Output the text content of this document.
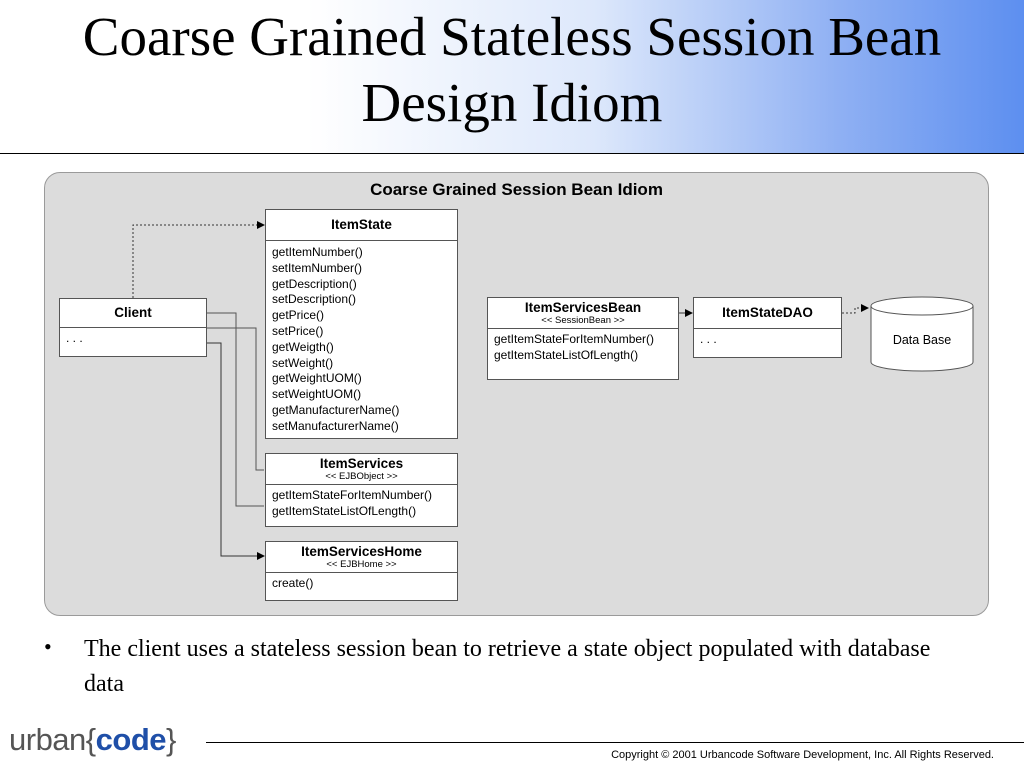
Coarse Grained Stateless Session Bean Design Idiom
Coarse Grained Session Bean Idiom
Client
. . .
ItemState
getItemNumber()
setItemNumber()
getDescription()
setDescription()
getPrice()
setPrice()
getWeigth()
setWeight()
getWeightUOM()
setWeightUOM()
getManufacturerName()
setManufacturerName()
ItemServices
<< EJBObject >>
getItemStateForItemNumber()
getItemStateListOfLength()
ItemServicesHome
<< EJBHome >>
create()
ItemServicesBean
<< SessionBean >>
getItemStateForItemNumber()
getItemStateListOfLength()
ItemStateDAO
. . .	Data Base
• The client uses a stateless session bean to retrieve a state object populated with database data
urban{code}	Copyright © 2001 Urbancode Software Development, Inc. All Rights Reserved.
